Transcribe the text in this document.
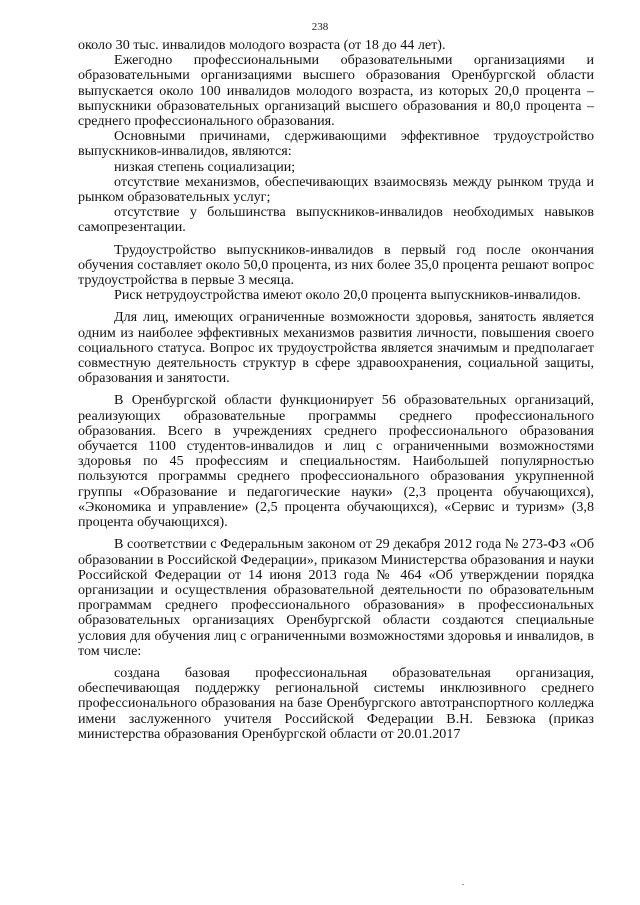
238

около 30 тыс. инвалидов молодого возраста (от 18 до 44 лет).

Ежегодно профессиональными образовательными организациями и образовательными организациями высшего образования Оренбургской области выпускается около 100 инвалидов молодого возраста, из которых 20,0 процента – выпускники образовательных организаций высшего образования и 80,0 процента – среднего профессионального образования.

Основными причинами, сдерживающими эффективное трудоустройство выпускников-инвалидов, являются:

низкая степень социализации;

отсутствие механизмов, обеспечивающих взаимосвязь между рынком труда и рынком образовательных услуг;

отсутствие у большинства выпускников-инвалидов необходимых навыков самопрезентации.

Трудоустройство выпускников-инвалидов в первый год после окончания обучения составляет около 50,0 процента, из них более 35,0 процента решают вопрос трудоустройства в первые 3 месяца.

Риск нетрудоустройства имеют около 20,0 процента выпускников-инвалидов.

Для лиц, имеющих ограниченные возможности здоровья, занятость является одним из наиболее эффективных механизмов развития личности, повышения своего социального статуса. Вопрос их трудоустройства является значимым и предполагает совместную деятельность структур в сфере здравоохранения, социальной защиты, образования и занятости.

В Оренбургской области функционирует 56 образовательных организаций, реализующих образовательные программы среднего профессионального образования. Всего в учреждениях среднего профессионального образования обучается 1100 студентов-инвалидов и лиц с ограниченными возможностями здоровья по 45 профессиям и специальностям. Наибольшей популярностью пользуются программы среднего профессионального образования укрупненной группы «Образование и педагогические науки» (2,3 процента обучающихся), «Экономика и управление» (2,5 процента обучающихся), «Сервис и туризм» (3,8 процента обучающихся).

В соответствии с Федеральным законом от 29 декабря 2012 года № 273-ФЗ «Об образовании в Российской Федерации», приказом Министерства образования и науки Российской Федерации от 14 июня 2013 года № 464 «Об утверждении порядка организации и осуществления образовательной деятельности по образовательным программам среднего профессионального образования» в профессиональных образовательных организациях Оренбургской области создаются специальные условия для обучения лиц с ограниченными возможностями здоровья и инвалидов, в том числе:

создана базовая профессиональная образовательная организация, обеспечивающая поддержку региональной системы инклюзивного среднего профессионального образования на базе Оренбургского автотранспортного колледжа имени заслуженного учителя Российской Федерации В.Н. Бевзюка (приказ министерства образования Оренбургской области от 20.01.2017
